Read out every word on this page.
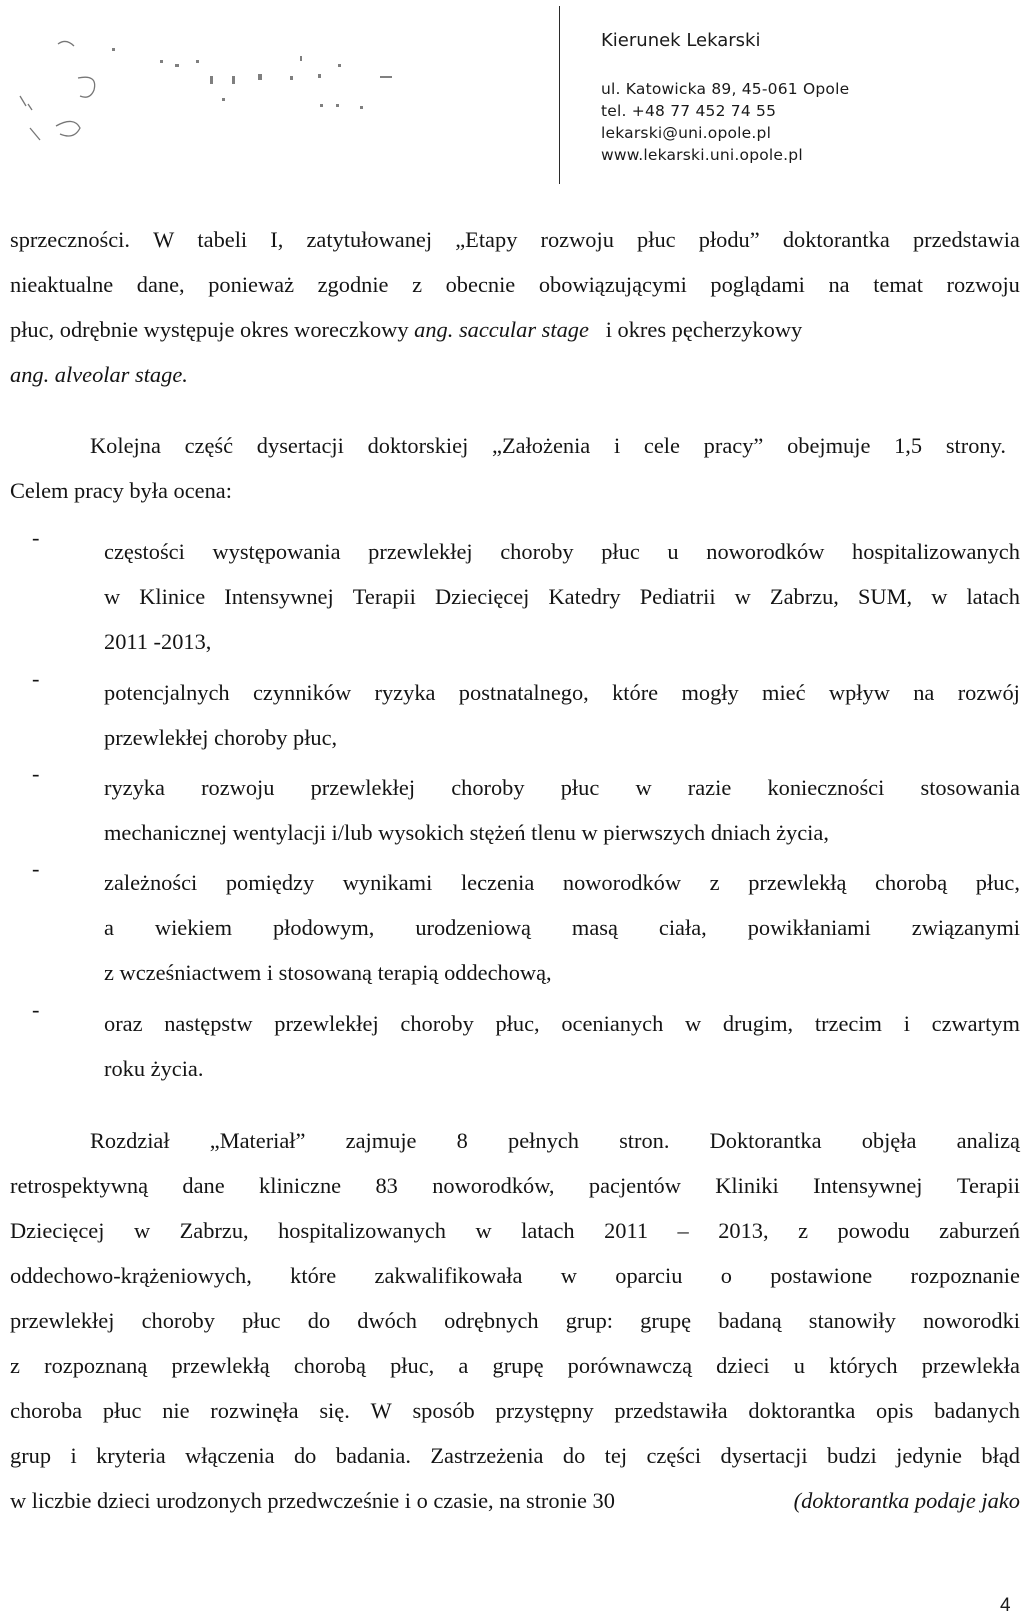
Kierunek Lekarski
ul. Katowicka 89, 45-061 Opole
tel. +48 77 452 74 55
lekarski@uni.opole.pl
www.lekarski.uni.opole.pl
sprzeczności. W tabeli I, zatytułowanej „Etapy rozwoju płuc płodu” doktorantka przedstawia
nieaktualne dane, ponieważ zgodnie z obecnie obowiązującymi poglądami na temat rozwoju
płuc, odrębnie występuje okres woreczkowy ang. saccular stage   i okres pęcherzykowy
ang. alveolar stage.
Kolejna część dysertacji doktorskiej „Założenia i cele pracy” obejmuje 1,5 strony.
Celem pracy była ocena:
-
częstości występowania przewlekłej choroby płuc u noworodków hospitalizowanych
w Klinice Intensywnej Terapii Dziecięcej Katedry Pediatrii w Zabrzu, SUM, w latach
2011 -2013,
-
potencjalnych czynników ryzyka postnatalnego, które mogły mieć wpływ na rozwój
przewlekłej choroby płuc,
-
ryzyka rozwoju przewlekłej choroby płuc w razie konieczności stosowania
mechanicznej wentylacji i/lub wysokich stężeń tlenu w pierwszych dniach życia,
-
zależności pomiędzy wynikami leczenia noworodków z przewlekłą chorobą płuc,
a wiekiem płodowym, urodzeniową masą ciała, powikłaniami związanymi
z wcześniactwem i stosowaną terapią oddechową,
-
oraz następstw przewlekłej choroby płuc, ocenianych w drugim, trzecim i czwartym
roku życia.
Rozdział „Materiał” zajmuje 8 pełnych stron. Doktorantka objęła analizą
retrospektywną dane kliniczne 83 noworodków, pacjentów Kliniki Intensywnej Terapii
Dziecięcej w Zabrzu, hospitalizowanych w latach 2011 – 2013, z powodu zaburzeń
oddechowo-krążeniowych, które zakwalifikowała w oparciu o postawione rozpoznanie
przewlekłej choroby płuc do dwóch odrębnych grup: grupę badaną stanowiły noworodki
z rozpoznaną przewlekłą chorobą płuc, a grupę porównawczą dzieci u których przewlekła
choroba płuc nie rozwinęła się. W sposób przystępny przedstawiła doktorantka opis badanych
grup i kryteria włączenia do badania. Zastrzeżenia do tej części dysertacji budzi jedynie błąd
w liczbie dzieci urodzonych przedwcześnie i o czasie, na stronie 30	(doktorantka podaje jako
4
